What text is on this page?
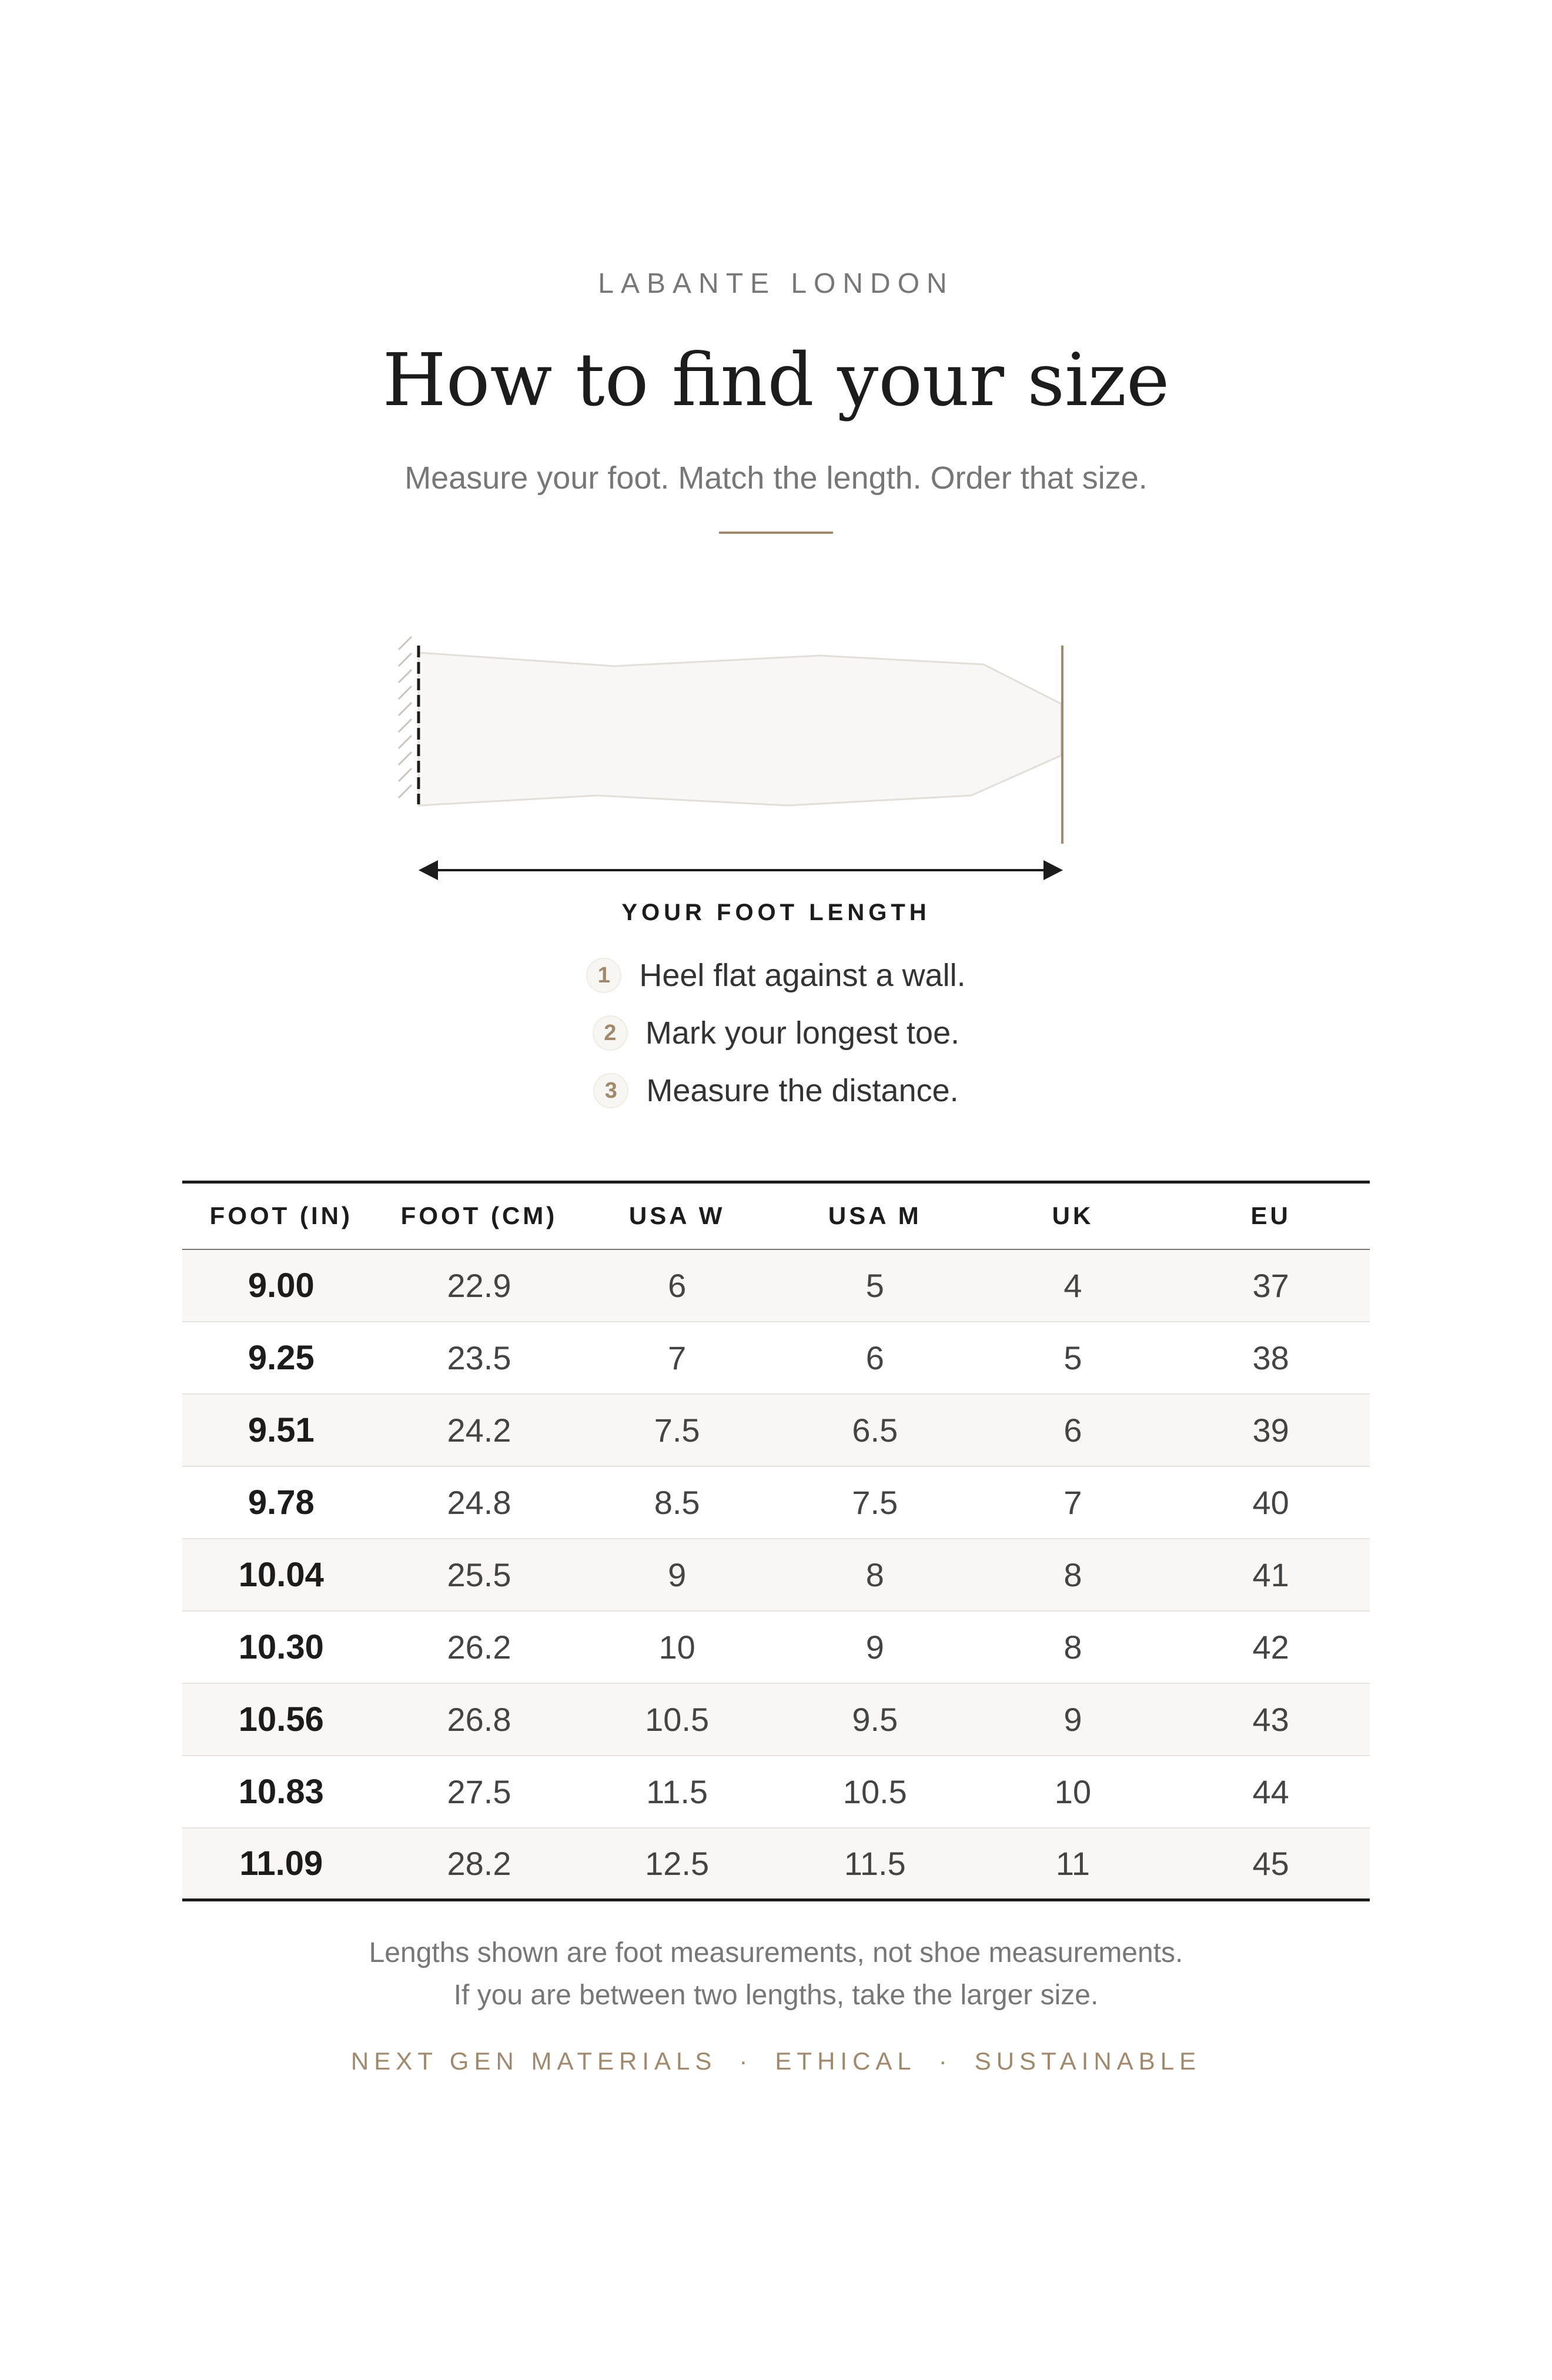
LABANTE LONDON
How to find your size
Measure your foot. Match the length. Order that size.
YOUR FOOT LENGTH
1 Heel flat against a wall.
2 Mark your longest toe.
3 Measure the distance.
FOOT (IN)	FOOT (CM)	USA W	USA M	UK	EU
9.00	22.9	6	5	4	37
9.25	23.5	7	6	5	38
9.51	24.2	7.5	6.5	6	39
9.78	24.8	8.5	7.5	7	40
10.04	25.5	9	8	8	41
10.30	26.2	10	9	8	42
10.56	26.8	10.5	9.5	9	43
10.83	27.5	11.5	10.5	10	44
11.09	28.2	12.5	11.5	11	45
Lengths shown are foot measurements, not shoe measurements.
If you are between two lengths, take the larger size.
NEXT GEN MATERIALS · ETHICAL · SUSTAINABLE
